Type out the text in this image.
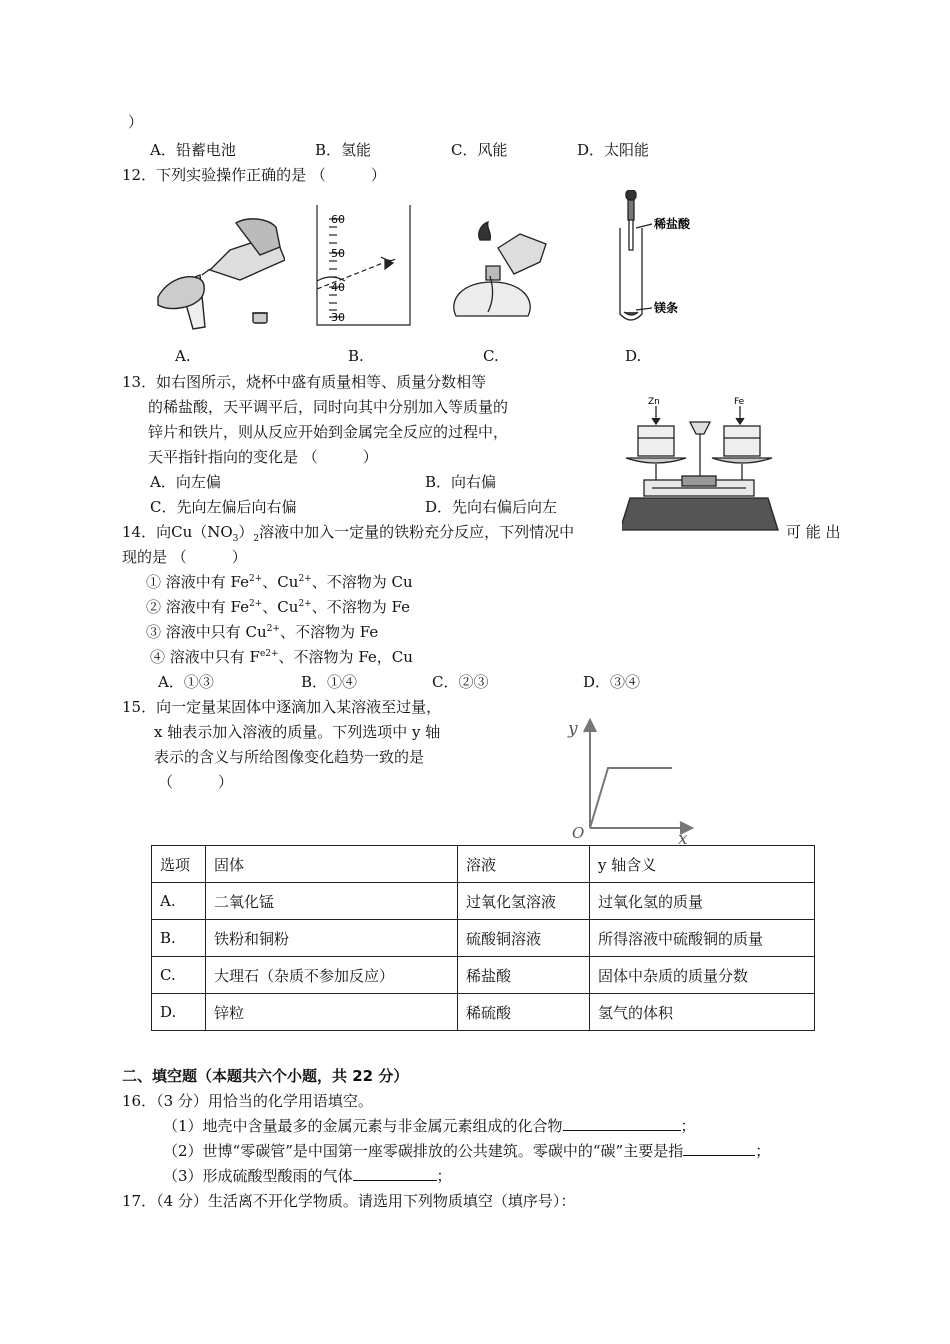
）
A．铅蓄电池	B．氢能	C．风能	D．太阳能
12．下列实验操作正确的是 （　　　）
60
50
40
30
稀盐酸
镁条
A.	B.	C.	D.
13．如右图所示，烧杯中盛有质量相等、质量分数相等
的稀盐酸，天平调平后，同时向其中分别加入等质量的
锌片和铁片，则从反应开始到金属完全反应的过程中，
天平指针指向的变化是 （　　　）
A．向左偏	B．向右偏
C．先向左偏后向右偏	D．先向右偏后向左
Zn	Fe
14．向$Cu(NO_3)_2$溶液中加入一定量的铁粉充分反应，下列情况中	可 能 出
现的是 （　　　）
① 溶液中有 $Fe^{2+}$、$Cu^{2+}$、不溶物为 Cu
② 溶液中有 $Fe^{2+}$、$Cu^{2+}$、不溶物为 Fe
③ 溶液中只有 $Cu^{2+}$、不溶物为 Fe
④ 溶液中只有 $F^{e2+}$、不溶物为 Fe，Cu
A．①③	B．①④	C．②③	D．③④
15．向一定量某固体中逐滴加入某溶液至过量，
x 轴表示加入溶液的质量。下列选项中 y 轴
表示的含义与所给图像变化趋势一致的是
（　　　）
y
x
O
选项	固体	溶液	y 轴含义
A.	二氧化锰	过氧化氢溶液	过氧化氢的质量
B.	铁粉和铜粉	硫酸铜溶液	所得溶液中硫酸铜的质量
C.	大理石（杂质不参加反应）	稀盐酸	固体中杂质的质量分数
D.	锌粒	稀硫酸	氢气的体积
二、填空题（本题共六个小题，共 22 分）
16．（3 分）用恰当的化学用语填空。
（1）地壳中含量最多的金属元素与非金属元素组成的化合物	；
（2）世博“零碳管”是中国第一座零碳排放的公共建筑。零碳中的“碳”主要是指	；
（3）形成硫酸型酸雨的气体	；
17．（4 分）生活离不开化学物质。请选用下列物质填空（填序号）：
